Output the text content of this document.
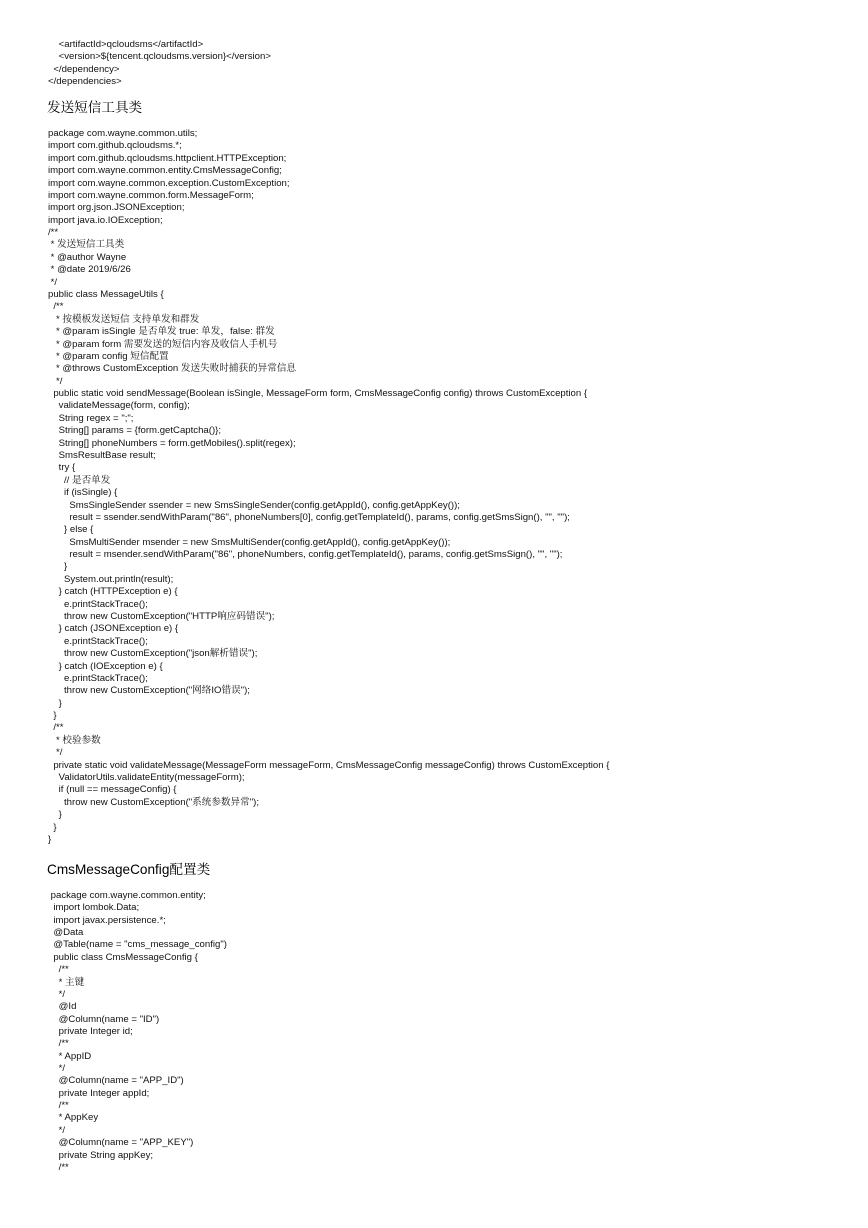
<artifactId>qcloudsms</artifactId>
<version>${tencent.qcloudsms.version}</version>
</dependency>
</dependencies>
发送短信工具类
package com.wayne.common.utils;
import com.github.qcloudsms.*;
import com.github.qcloudsms.httpclient.HTTPException;
import com.wayne.common.entity.CmsMessageConfig;
import com.wayne.common.exception.CustomException;
import com.wayne.common.form.MessageForm;
import org.json.JSONException;
import java.io.IOException;
/**
* 发送短信工具类
* @author Wayne
* @date 2019/6/26
*/
public class MessageUtils {
/**
* 按模板发送短信 支持单发和群发
* @param isSingle 是否单发 true: 单发，false: 群发
* @param form 需要发送的短信内容及收信人手机号
* @param config 短信配置
* @throws CustomException 发送失败时捕获的异常信息
*/
public static void sendMessage(Boolean isSingle, MessageForm form, CmsMessageConfig config) throws CustomException {
validateMessage(form, config);
String regex = ";";
String[] params = {form.getCaptcha()};
String[] phoneNumbers = form.getMobiles().split(regex);
SmsResultBase result;
try {
// 是否单发
if (isSingle) {
SmsSingleSender ssender = new SmsSingleSender(config.getAppId(), config.getAppKey());
result = ssender.sendWithParam("86", phoneNumbers[0], config.getTemplateId(), params, config.getSmsSign(), "", "");
} else {
SmsMultiSender msender = new SmsMultiSender(config.getAppId(), config.getAppKey());
result = msender.sendWithParam("86", phoneNumbers, config.getTemplateId(), params, config.getSmsSign(), "", "");
}
System.out.println(result);
} catch (HTTPException e) {
e.printStackTrace();
throw new CustomException("HTTP响应码错误");
} catch (JSONException e) {
e.printStackTrace();
throw new CustomException("json解析错误");
} catch (IOException e) {
e.printStackTrace();
throw new CustomException("网络IO错误");
}
}
/**
* 校验参数
*/
private static void validateMessage(MessageForm messageForm, CmsMessageConfig messageConfig) throws CustomException {
ValidatorUtils.validateEntity(messageForm);
if (null == messageConfig) {
throw new CustomException("系统参数异常");
}
}
}
CmsMessageConfig配置类
package com.wayne.common.entity;
import lombok.Data;
import javax.persistence.*;
@Data
@Table(name = "cms_message_config")
public class CmsMessageConfig {
/**
* 主键
*/
@Id
@Column(name = "ID")
private Integer id;
/**
* AppID
*/
@Column(name = "APP_ID")
private Integer appId;
/**
* AppKey
*/
@Column(name = "APP_KEY")
private String appKey;
/**
